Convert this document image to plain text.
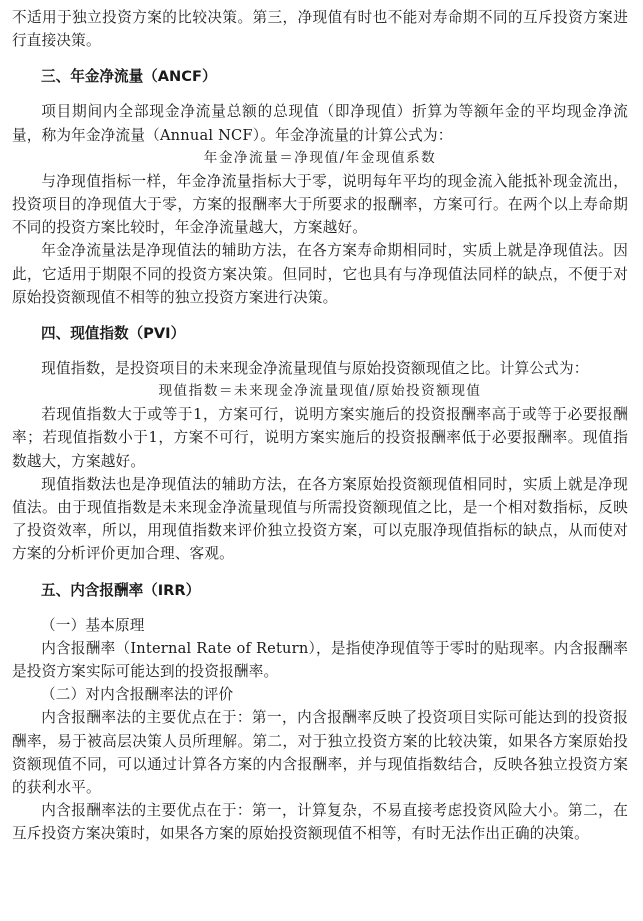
不适用于独立投资方案的比较决策。第三，净现值有时也不能对寿命期不同的互斥投资方案进行直接决策。

三、年金净流量（ANCF）

项目期间内全部现金净流量总额的总现值（即净现值）折算为等额年金的平均现金净流量，称为年金净流量（Annual NCF）。年金净流量的计算公式为：

年金净流量＝净现值/年金现值系数

与净现值指标一样，年金净流量指标大于零，说明每年平均的现金流入能抵补现金流出，投资项目的净现值大于零，方案的报酬率大于所要求的报酬率，方案可行。在两个以上寿命期不同的投资方案比较时，年金净流量越大，方案越好。

年金净流量法是净现值法的辅助方法，在各方案寿命期相同时，实质上就是净现值法。因此，它适用于期限不同的投资方案决策。但同时，它也具有与净现值法同样的缺点，不便于对原始投资额现值不相等的独立投资方案进行决策。

四、现值指数（PVI）

现值指数，是投资项目的未来现金净流量现值与原始投资额现值之比。计算公式为：

现值指数＝未来现金净流量现值/原始投资额现值

若现值指数大于或等于1，方案可行，说明方案实施后的投资报酬率高于或等于必要报酬率；若现值指数小于1，方案不可行，说明方案实施后的投资报酬率低于必要报酬率。现值指数越大，方案越好。

现值指数法也是净现值法的辅助方法，在各方案原始投资额现值相同时，实质上就是净现值法。由于现值指数是未来现金净流量现值与所需投资额现值之比，是一个相对数指标，反映了投资效率，所以，用现值指数来评价独立投资方案，可以克服净现值指标的缺点，从而使对方案的分析评价更加合理、客观。

五、内含报酬率（IRR）

（一）基本原理

内含报酬率（Internal Rate of Return），是指使净现值等于零时的贴现率。内含报酬率是投资方案实际可能达到的投资报酬率。

（二）对内含报酬率法的评价

内含报酬率法的主要优点在于：第一，内含报酬率反映了投资项目实际可能达到的投资报酬率，易于被高层决策人员所理解。第二，对于独立投资方案的比较决策，如果各方案原始投资额现值不同，可以通过计算各方案的内含报酬率，并与现值指数结合，反映各独立投资方案的获利水平。

内含报酬率法的主要优点在于：第一，计算复杂，不易直接考虑投资风险大小。第二，在互斥投资方案决策时，如果各方案的原始投资额现值不相等，有时无法作出正确的决策。
